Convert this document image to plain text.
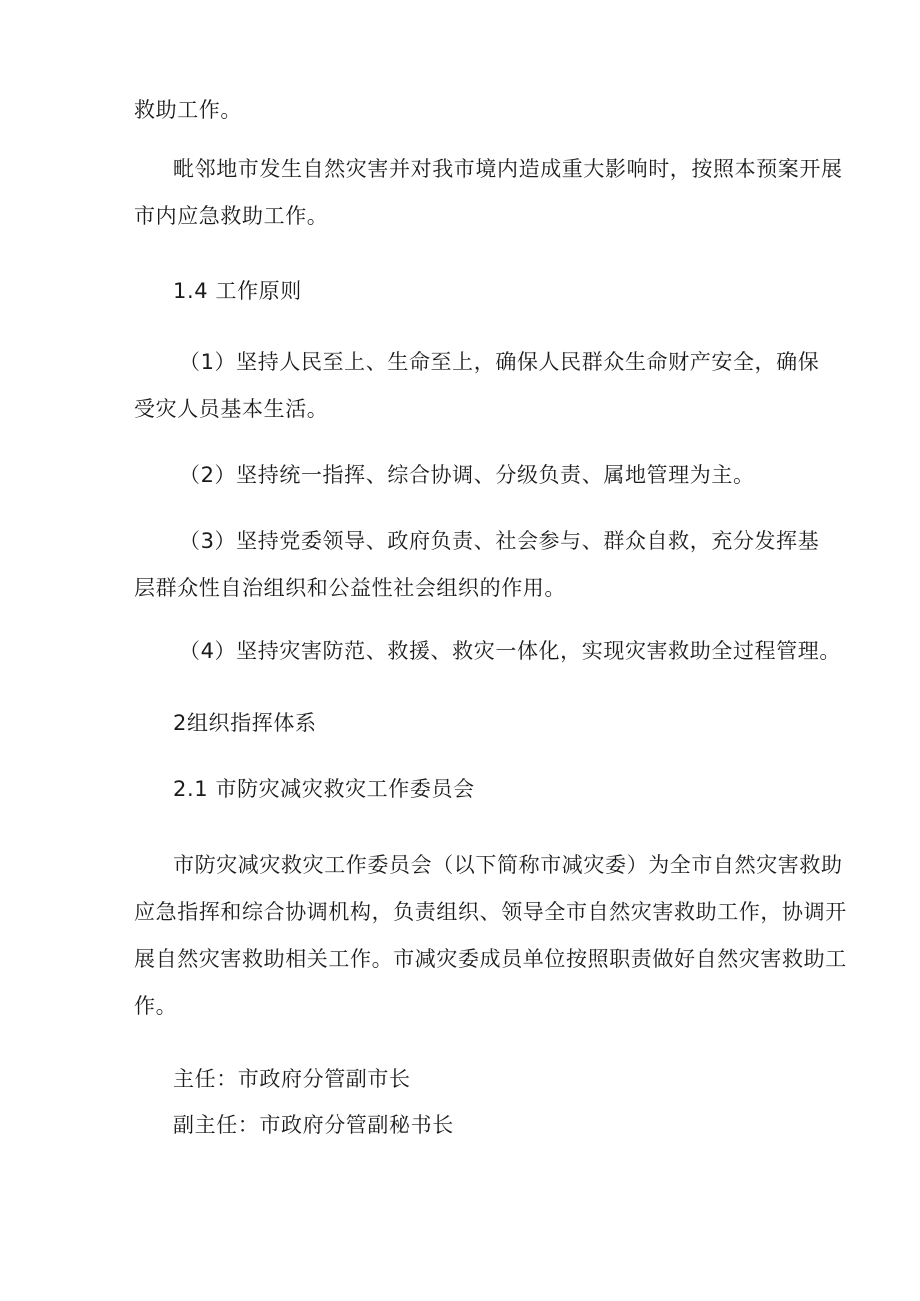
救助工作。
毗邻地市发生自然灾害并对我市境内造成重大影响时，按照本预案开展
市内应急救助工作。
1.4 工作原则
（1）坚持人民至上、生命至上，确保人民群众生命财产安全，确保
受灾人员基本生活。
（2）坚持统一指挥、综合协调、分级负责、属地管理为主。
（3）坚持党委领导、政府负责、社会参与、群众自救，充分发挥基
层群众性自治组织和公益性社会组织的作用。
（4）坚持灾害防范、救援、救灾一体化，实现灾害救助全过程管理。
2组织指挥体系
2.1 市防灾减灾救灾工作委员会
市防灾减灾救灾工作委员会（以下简称市减灾委）为全市自然灾害救助
应急指挥和综合协调机构，负责组织、领导全市自然灾害救助工作，协调开
展自然灾害救助相关工作。市减灾委成员单位按照职责做好自然灾害救助工
作。
主任：市政府分管副市长
副主任：市政府分管副秘书长
